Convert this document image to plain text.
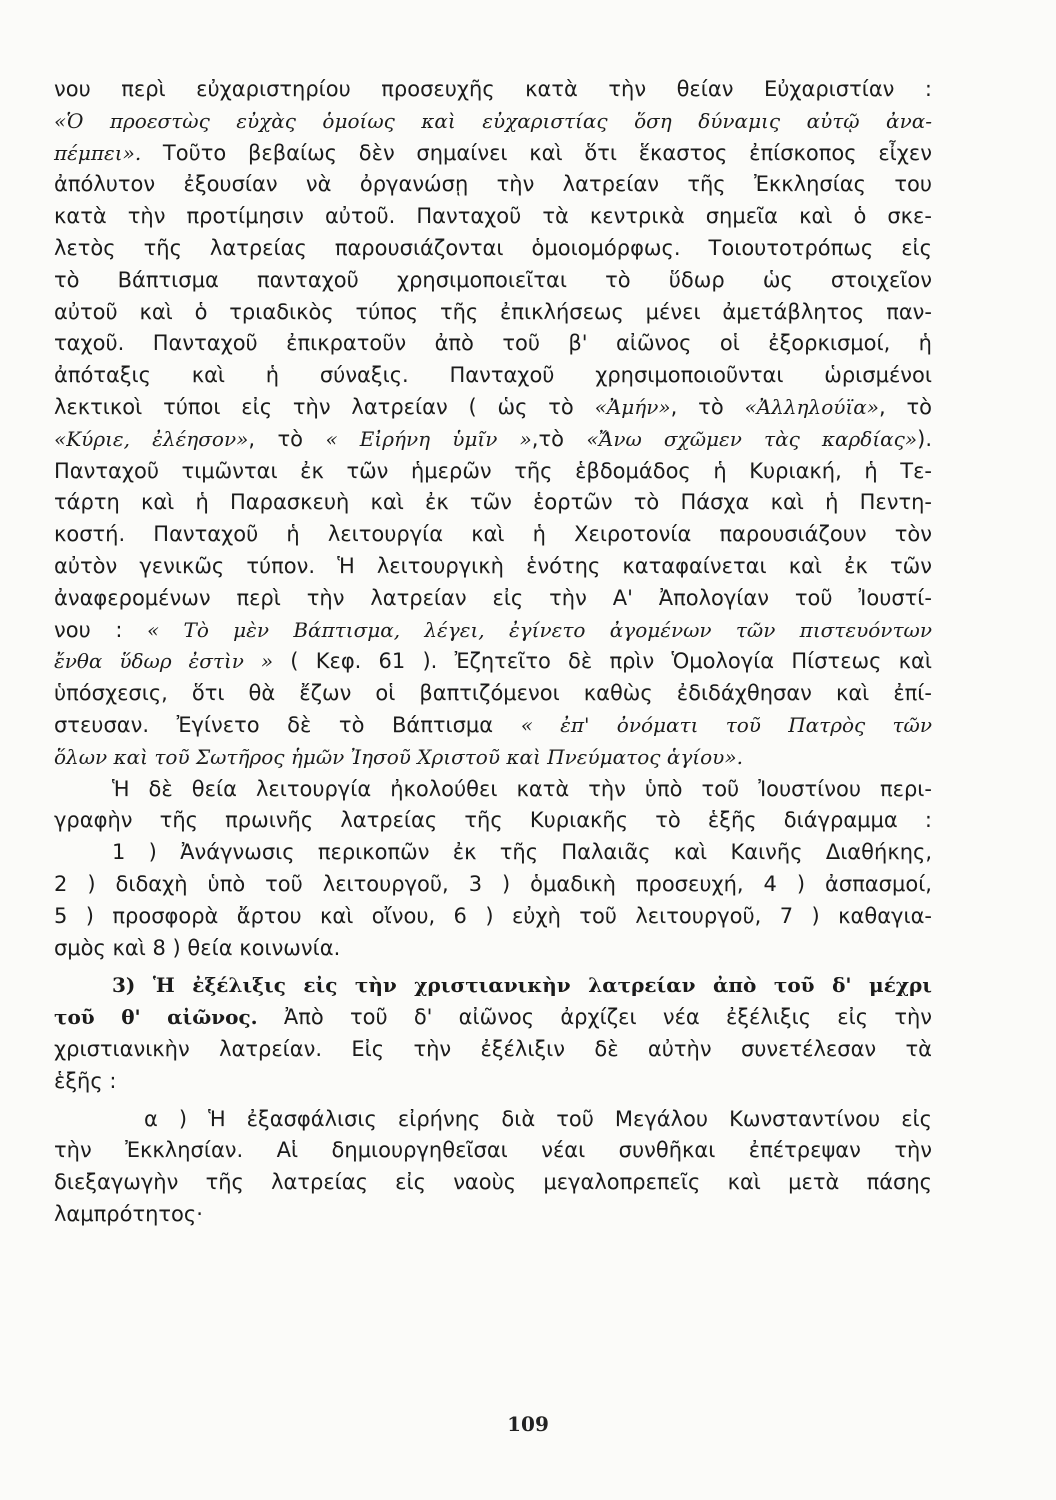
νου περὶ εὐχαριστηρίου προσευχῆς κατὰ τὴν θείαν Εὐχαριστίαν :
«Ὁ προεστὼς εὐχὰς ὁμοίως καὶ εὐχαριστίας ὅση δύναμις αὐτῷ ἀνα-
πέμπει». Τοῦτο βεβαίως δὲν σημαίνει καὶ ὅτι ἕκαστος ἐπίσκοπος εἶχεν
ἀπόλυτον ἐξουσίαν νὰ ὀργανώσῃ τὴν λατρείαν τῆς Ἐκκλησίας του
κατὰ τὴν προτίμησιν αὐτοῦ. Πανταχοῦ τὰ κεντρικὰ σημεῖα καὶ ὁ σκε-
λετὸς τῆς λατρείας παρουσιάζονται ὁμοιομόρφως. Τοιουτοτρόπως εἰς
τὸ Βάπτισμα πανταχοῦ χρησιμοποιεῖται τὸ ὕδωρ ὡς στοιχεῖον
αὐτοῦ καὶ ὁ τριαδικὸς τύπος τῆς ἐπικλήσεως μένει ἀμετάβλητος παν-
ταχοῦ. Πανταχοῦ ἐπικρατοῦν ἀπὸ τοῦ β' αἰῶνος οἱ ἐξορκισμοί, ἡ
ἀπόταξις καὶ ἡ σύναξις. Πανταχοῦ χρησιμοποιοῦνται ὡρισμένοι
λεκτικοὶ τύποι εἰς τὴν λατρείαν ( ὡς τὸ «Ἀμήν», τὸ «Ἀλληλούϊα», τὸ
«Κύριε, ἐλέησον», τὸ « Εἰρήνη ὑμῖν »,τὸ «Ἄνω σχῶμεν τὰς καρδίας»).
Πανταχοῦ τιμῶνται ἐκ τῶν ἡμερῶν τῆς ἑβδομάδος ἡ Κυριακή, ἡ Τε-
τάρτη καὶ ἡ Παρασκευὴ καὶ ἐκ τῶν ἑορτῶν τὸ Πάσχα καὶ ἡ Πεντη-
κοστή. Πανταχοῦ ἡ λειτουργία καὶ ἡ Χειροτονία παρουσιάζουν τὸν
αὐτὸν γενικῶς τύπον. Ἡ λειτουργικὴ ἑνότης καταφαίνεται καὶ ἐκ τῶν
ἀναφερομένων περὶ τὴν λατρείαν εἰς τὴν Α' Ἀπολογίαν τοῦ Ἰουστί-
νου : « Τὸ μὲν Βάπτισμα, λέγει, ἐγίνετο ἀγομένων τῶν πιστευόντων
ἔνθα ὕδωρ ἐστὶν » ( Κεφ. 61 ). Ἐζητεῖτο δὲ πρὶν Ὁμολογία Πίστεως καὶ
ὑπόσχεσις, ὅτι θὰ ἔζων οἱ βαπτιζόμενοι καθὼς ἐδιδάχθησαν καὶ ἐπί-
στευσαν. Ἐγίνετο δὲ τὸ Βάπτισμα « ἐπ' ὀνόματι τοῦ Πατρὸς τῶν
ὅλων καὶ τοῦ Σωτῆρος ἡμῶν Ἰησοῦ Χριστοῦ καὶ Πνεύματος ἁγίου».
Ἡ δὲ θεία λειτουργία ἠκολούθει κατὰ τὴν ὑπὸ τοῦ Ἰουστίνου περι-
γραφὴν τῆς πρωινῆς λατρείας τῆς Κυριακῆς τὸ ἑξῆς διάγραμμα :
1 ) Ἀνάγνωσις περικοπῶν ἐκ τῆς Παλαιᾶς καὶ Καινῆς Διαθήκης,
2 ) διδαχὴ ὑπὸ τοῦ λειτουργοῦ, 3 ) ὁμαδικὴ προσευχή, 4 ) ἀσπασμοί,
5 ) προσφορὰ ἄρτου καὶ οἴνου, 6 ) εὐχὴ τοῦ λειτουργοῦ, 7 ) καθαγια-
σμὸς καὶ 8 ) θεία κοινωνία.
3) Ἡ ἐξέλιξις εἰς τὴν χριστιανικὴν λατρείαν ἀπὸ τοῦ δ' μέχρι
τοῦ θ' αἰῶνος. Ἀπὸ τοῦ δ' αἰῶνος ἀρχίζει νέα ἐξέλιξις εἰς τὴν
χριστιανικὴν λατρείαν. Εἰς τὴν ἐξέλιξιν δὲ αὐτὴν συνετέλεσαν τὰ
ἑξῆς :
α ) Ἡ ἐξασφάλισις εἰρήνης διὰ τοῦ Μεγάλου Κωνσταντίνου εἰς
τὴν Ἐκκλησίαν. Αἱ δημιουργηθεῖσαι νέαι συνθῆκαι ἐπέτρεψαν τὴν
διεξαγωγὴν τῆς λατρείας εἰς ναοὺς μεγαλοπρεπεῖς καὶ μετὰ πάσης
λαμπρότητος·
109
